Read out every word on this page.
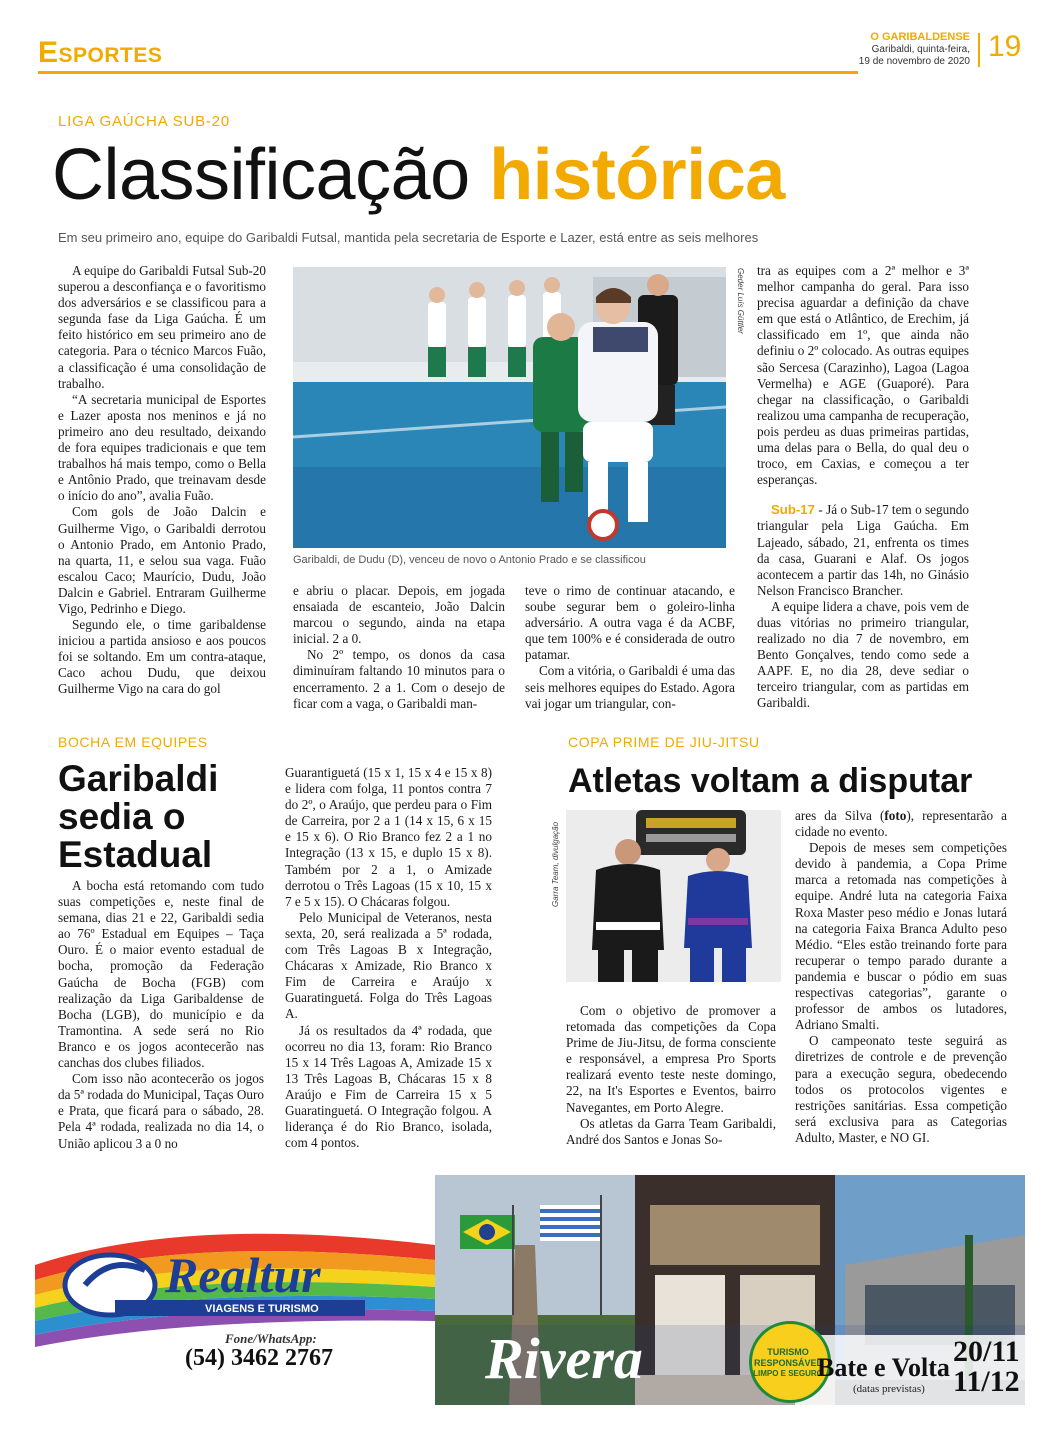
Esportes	O GARIBALDENSE
Garibaldi, quinta-feira,
19 de novembro de 2020 19
LIGA GAÚCHA SUB-20
Classificação histórica
Em seu primeiro ano, equipe do Garibaldi Futsal, mantida pela secretaria de Esporte e Lazer, está entre as seis melhores

A equipe do Garibaldi Futsal Sub-20 superou a desconfiança e o favoritismo dos adversários e se classificou para a segunda fase da Liga Gaúcha. É um feito histórico em seu primeiro ano de categoria. Para o técnico Marcos Fuão, a classificação é uma consolidação de trabalho.

“A secretaria municipal de Esportes e Lazer aposta nos meninos e já no primeiro ano deu resultado, deixando de fora equipes tradicionais e que tem trabalhos há mais tempo, como o Bella e Antônio Prado, que treinavam desde o início do ano”, avalia Fuão.

Com gols de João Dalcin e Guilherme Vigo, o Garibaldi derrotou o Antonio Prado, em Antonio Prado, na quarta, 11, e selou sua vaga. Fuão escalou Caco; Maurício, Dudu, João Dalcin e Gabriel. Entraram Guilherme Vigo, Pedrinho e Diego.

Segundo ele, o time garibaldense iniciou a partida ansioso e aos poucos foi se soltando. Em um contra-ataque, Caco achou Dudu, que deixou Guilherme Vigo na cara do gol

Geder Luís Güttler
Garibaldi, de Dudu (D), venceu de novo o Antonio Prado e se classificou

e abriu o placar. Depois, em jogada ensaiada de escanteio, João Dalcin marcou o segundo, ainda na etapa inicial. 2 a 0.

No 2º tempo, os donos da casa diminuíram faltando 10 minutos para o encerramento. 2 a 1. Com o desejo de ficar com a vaga, o Garibaldi man-

teve o rimo de continuar atacando, e soube segurar bem o goleiro-linha adversário. A outra vaga é da ACBF, que tem 100% e é considerada de outro patamar.

Com a vitória, o Garibaldi é uma das seis melhores equipes do Estado. Agora vai jogar um triangular, con-

tra as equipes com a 2ª melhor e 3ª melhor campanha do geral. Para isso precisa aguardar a definição da chave em que está o Atlântico, de Erechim, já classificado em 1º, que ainda não definiu o 2º colocado. As outras equipes são Sercesa (Carazinho), Lagoa (Lagoa Vermelha) e AGE (Guaporé). Para chegar na classificação, o Garibaldi realizou uma campanha de recuperação, pois perdeu as duas primeiras partidas, uma delas para o Bella, do qual deu o troco, em Caxias, e começou a ter esperanças.

Sub-17 - Já o Sub-17 tem o segundo triangular pela Liga Gaúcha. Em Lajeado, sábado, 21, enfrenta os times da casa, Guarani e Alaf. Os jogos acontecem a partir das 14h, no Ginásio Nelson Francisco Brancher.

A equipe lidera a chave, pois vem de duas vitórias no primeiro triangular, realizado no dia 7 de novembro, em Bento Gonçalves, tendo como sede a AAPF. E, no dia 28, deve sediar o terceiro triangular, com as partidas em Garibaldi.

BOCHA EM EQUIPES
Garibaldi sedia o Estadual

A bocha está retomando com tudo suas competições e, neste final de semana, dias 21 e 22, Garibaldi sedia ao 76º Estadual em Equipes – Taça Ouro. É o maior evento estadual de bocha, promoção da Federação Gaúcha de Bocha (FGB) com realização da Liga Garibaldense de Bocha (LGB), do município e da Tramontina. A sede será no Rio Branco e os jogos acontecerão nas canchas dos clubes filiados.

Com isso não acontecerão os jogos da 5ª rodada do Municipal, Taças Ouro e Prata, que ficará para o sábado, 28. Pela 4ª rodada, realizada no dia 14, o União aplicou 3 a 0 no

Guarantiguetá (15 x 1, 15 x 4 e 15 x 8) e lidera com folga, 11 pontos contra 7 do 2º, o Araújo, que perdeu para o Fim de Carreira, por 2 a 1 (14 x 15, 6 x 15 e 15 x 6). O Rio Branco fez 2 a 1 no Integração (13 x 15, e duplo 15 x 8). Também por 2 a 1, o Amizade derrotou o Três Lagoas (15 x 10, 15 x 7 e 5 x 15). O Chácaras folgou.

Pelo Municipal de Veteranos, nesta sexta, 20, será realizada a 5ª rodada, com Três Lagoas B x Integração, Chácaras x Amizade, Rio Branco x Fim de Carreira e Araújo x Guaratinguetá. Folga do Três Lagoas A.

Já os resultados da 4ª rodada, que ocorreu no dia 13, foram: Rio Branco 15 x 14 Três Lagoas A, Amizade 15 x 13 Três Lagoas B, Chácaras 15 x 8 Araújo e Fim de Carreira 15 x 5 Guaratinguetá. O Integração folgou. A liderança é do Rio Branco, isolada, com 4 pontos.

COPA PRIME DE JIU-JITSU
Atletas voltam a disputar
Garra Team, divulgação

Com o objetivo de promover a retomada das competições da Copa Prime de Jiu-Jitsu, de forma consciente e responsável, a empresa Pro Sports realizará evento teste neste domingo, 22, na It's Esportes e Eventos, bairro Navegantes, em Porto Alegre.

Os atletas da Garra Team Garibaldi, André dos Santos e Jonas So-

ares da Silva (foto), representarão a cidade no evento.

Depois de meses sem competições devido à pandemia, a Copa Prime marca a retomada nas competições à equipe. André luta na categoria Faixa Roxa Master peso médio e Jonas lutará na categoria Faixa Branca Adulto peso Médio. “Eles estão treinando forte para recuperar o tempo parado durante a pandemia e buscar o pódio em suas respectivas categorias”, garante o professor de ambos os lutadores, Adriano Smalti.

O campeonato teste seguirá as diretrizes de controle e de prevenção para a execução segura, obedecendo todos os protocolos vigentes e restrições sanitárias. Essa competição será exclusiva para as Categorias Adulto, Master, e NO GI.

Realtur
VIAGENS E TURISMO
Fone/WhatsApp:
(54) 3462 2767	Rivera	TURISMO
RESPONSÁVEL
LIMPO E SEGURO
Bate e Volta
(datas previstas)
20/11
11/12
